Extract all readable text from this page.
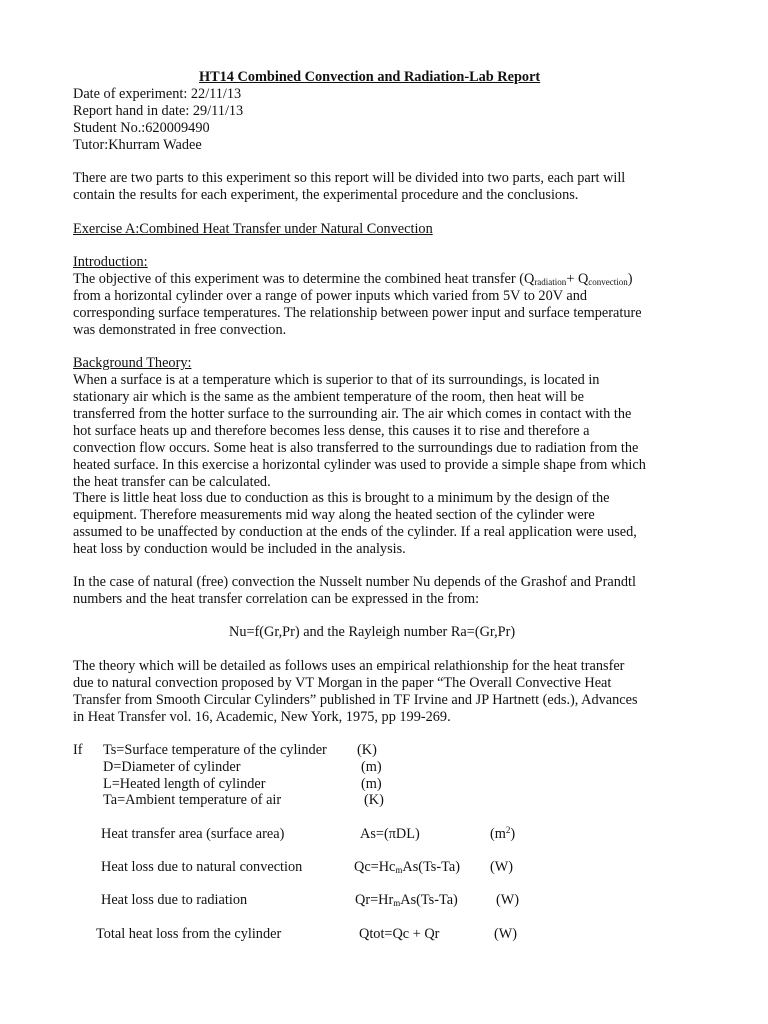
HT14 Combined Convection and Radiation-Lab Report
Date of experiment: 22/11/13
Report hand in date: 29/11/13
Student No.:620009490
Tutor:Khurram Wadee
There are two parts to this experiment so this report will be divided into two parts, each part will
contain the results for each experiment, the experimental procedure and the conclusions.
Exercise A:Combined Heat Transfer under Natural Convection
Introduction:
The objective of this experiment was to determine the combined heat transfer $(Q_{radiation}+ Q_{convection})$
from a horizontal cylinder over a range of power inputs which varied from 5V to 20V and
corresponding surface temperatures. The relationship between power input and surface temperature
was demonstrated in free convection.
Background Theory:
When a surface is at a temperature which is superior to that of its surroundings, is located in
stationary air which is the same as the ambient temperature of the room, then heat will be
transferred from the hotter surface to the surrounding air. The air which comes in contact with the
hot surface heats up and therefore becomes less dense, this causes it to rise and therefore a
convection flow occurs. Some heat is also transferred to the surroundings due to radiation from the
heated surface. In this exercise a horizontal cylinder was used to provide a simple shape from which
the heat transfer can be calculated.
There is little heat loss due to conduction as this is brought to a minimum by the design of the
equipment. Therefore measurements mid way along the heated section of the cylinder were
assumed to be unaffected by conduction at the ends of the cylinder. If a real application were used,
heat loss by conduction would be included in the analysis.
In the case of natural (free) convection the Nusselt number Nu depends of the Grashof and Prandtl
numbers and the heat transfer correlation can be expressed in the from:
Nu=f(Gr,Pr) and the Rayleigh number Ra=(Gr,Pr)
The theory which will be detailed as follows uses an empirical relathionship for the heat transfer
due to natural convection proposed by VT Morgan in the paper “The Overall Convective Heat
Transfer from Smooth Circular Cylinders” published in TF Irvine and JP Hartnett (eds.), Advances
in Heat Transfer vol. 16, Academic, New York, 1975, pp 199-269.
If Ts=Surface temperature of the cylinder (K)
D=Diameter of cylinder	(m)
L=Heated length of cylinder	(m)
Ta=Ambient temperature of air	(K)
Heat transfer area (surface area)	As=(πDL)	$(m^2)$
Heat loss due to natural convection	$Qc=Hc_mAs(Ts-Ta)$ (W)
Heat loss due to radiation	$Qr=Hr_mAs(Ts-Ta)$	(W)
Total heat loss from the cylinder	Qtot=Qc + Qr	(W)
